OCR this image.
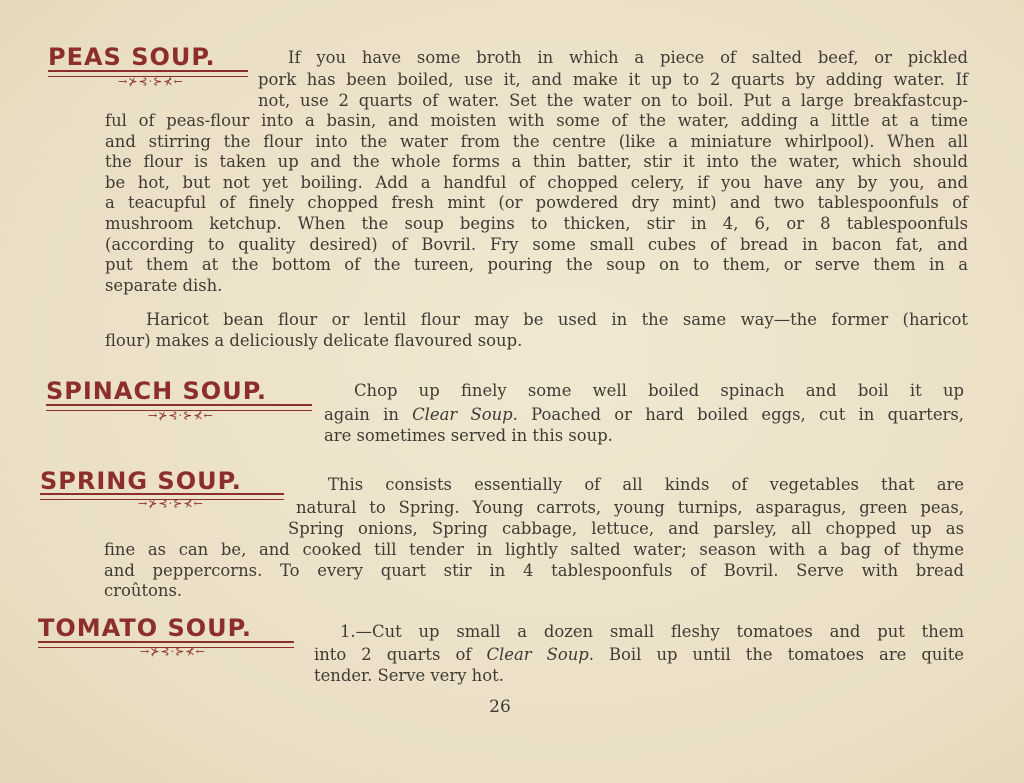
PEAS SOUP.
→⊁⊰·⊱⊀←
If you have some broth in which a piece of salted beef, or pickled
pork has been boiled, use it, and make it up to 2 quarts by adding water. If
not, use 2 quarts of water. Set the water on to boil. Put a large breakfastcup-
ful of peas-flour into a basin, and moisten with some of the water, adding a little at a time
and stirring the flour into the water from the centre (like a miniature whirlpool). When all
the flour is taken up and the whole forms a thin batter, stir it into the water, which should
be hot, but not yet boiling. Add a handful of chopped celery, if you have any by you, and
a teacupful of finely chopped fresh mint (or powdered dry mint) and two tablespoonfuls of
mushroom ketchup. When the soup begins to thicken, stir in 4, 6, or 8 tablespoonfuls
(according to quality desired) of Bovril. Fry some small cubes of bread in bacon fat, and
put them at the bottom of the tureen, pouring the soup on to them, or serve them in a
separate dish.
Haricot bean flour or lentil flour may be used in the same way—the former (haricot
flour) makes a deliciously delicate flavoured soup.
SPINACH SOUP.
→⊁⊰·⊱⊀←
Chop up finely some well boiled spinach and boil it up
again in Clear Soup. Poached or hard boiled eggs, cut in quarters,
are sometimes served in this soup.
SPRING SOUP.
→⊁⊰·⊱⊀←
This consists essentially of all kinds of vegetables that are
natural to Spring. Young carrots, young turnips, asparagus, green peas,
Spring onions, Spring cabbage, lettuce, and parsley, all chopped up as
fine as can be, and cooked till tender in lightly salted water; season with a bag of thyme
and peppercorns. To every quart stir in 4 tablespoonfuls of Bovril. Serve with bread
croûtons.
TOMATO SOUP.
→⊁⊰·⊱⊀←
1.—Cut up small a dozen small fleshy tomatoes and put them
into 2 quarts of Clear Soup. Boil up until the tomatoes are quite
tender. Serve very hot.
26
